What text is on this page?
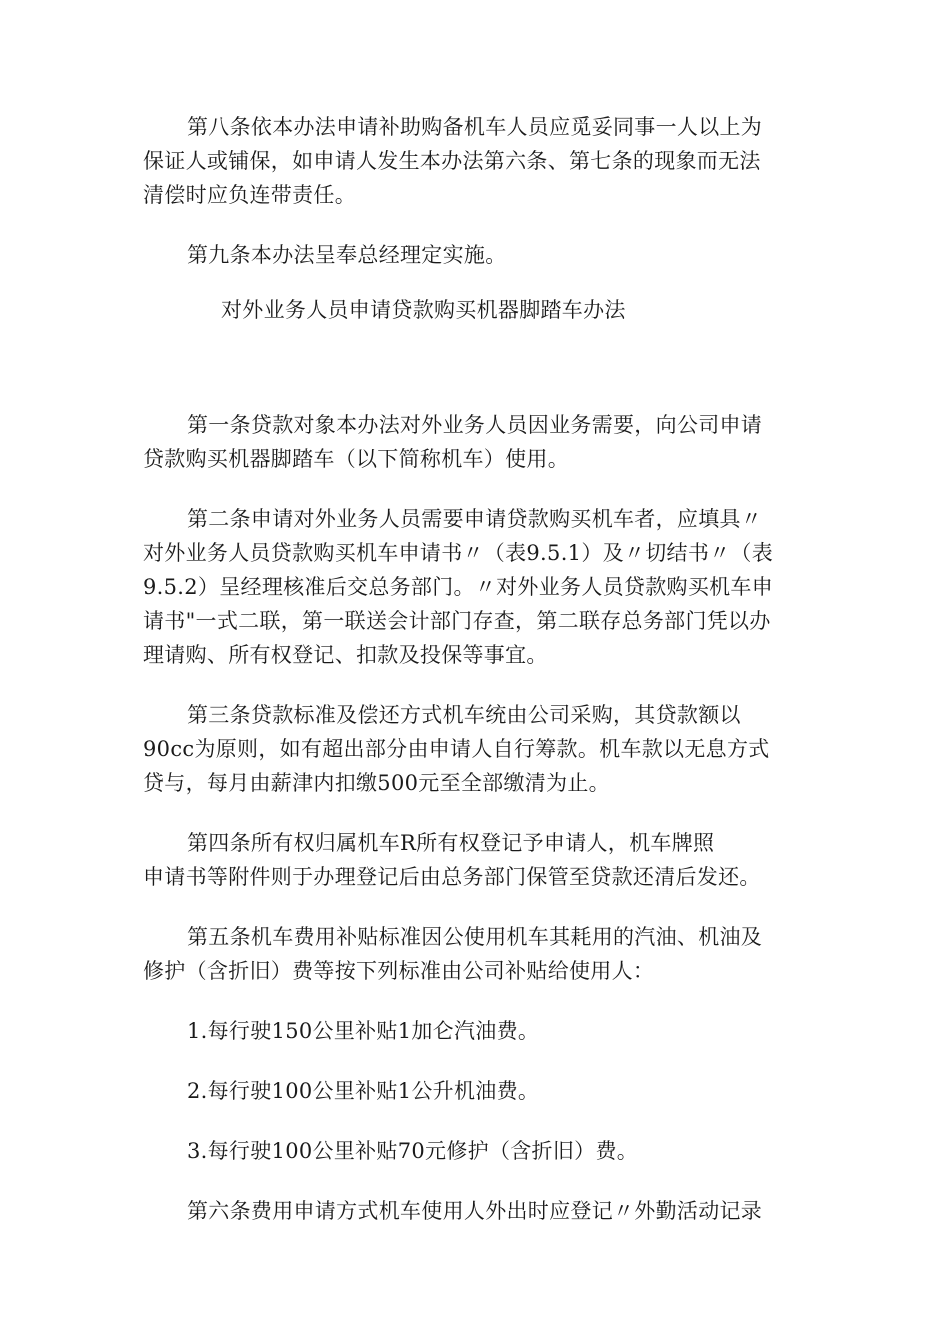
第八条依本办法申请补助购备机车人员应觅妥同事一人以上为
保证人或铺保，如申请人发生本办法第六条、第七条的现象而无法
清偿时应负连带责任。
第九条本办法呈奉总经理定实施。
对外业务人员申请贷款购买机器脚踏车办法
第一条贷款对象本办法对外业务人员因业务需要，向公司申请
贷款购买机器脚踏车（以下简称机车）使用。
第二条申请对外业务人员需要申请贷款购买机车者，应填具〃
对外业务人员贷款购买机车申请书〃（表9.5.1）及〃切结书〃（表
9.5.2）呈经理核准后交总务部门。〃对外业务人员贷款购买机车申
请书"一式二联，第一联送会计部门存查，第二联存总务部门凭以办
理请购、所有权登记、扣款及投保等事宜。
第三条贷款标准及偿还方式机车统由公司采购，其贷款额以
90cc为原则，如有超出部分由申请人自行筹款。机车款以无息方式
贷与，每月由薪津内扣缴500元至全部缴清为止。
第四条所有权归属机车R所有权登记予申请人，机车牌照
申请书等附件则于办理登记后由总务部门保管至贷款还清后发还。
第五条机车费用补贴标准因公使用机车其耗用的汽油、机油及
修护（含折旧）费等按下列标准由公司补贴给使用人：
1.每行驶150公里补贴1加仑汽油费。
2.每行驶100公里补贴1公升机油费。
3.每行驶100公里补贴70元修护（含折旧）费。
第六条费用申请方式机车使用人外出时应登记〃外勤活动记录
